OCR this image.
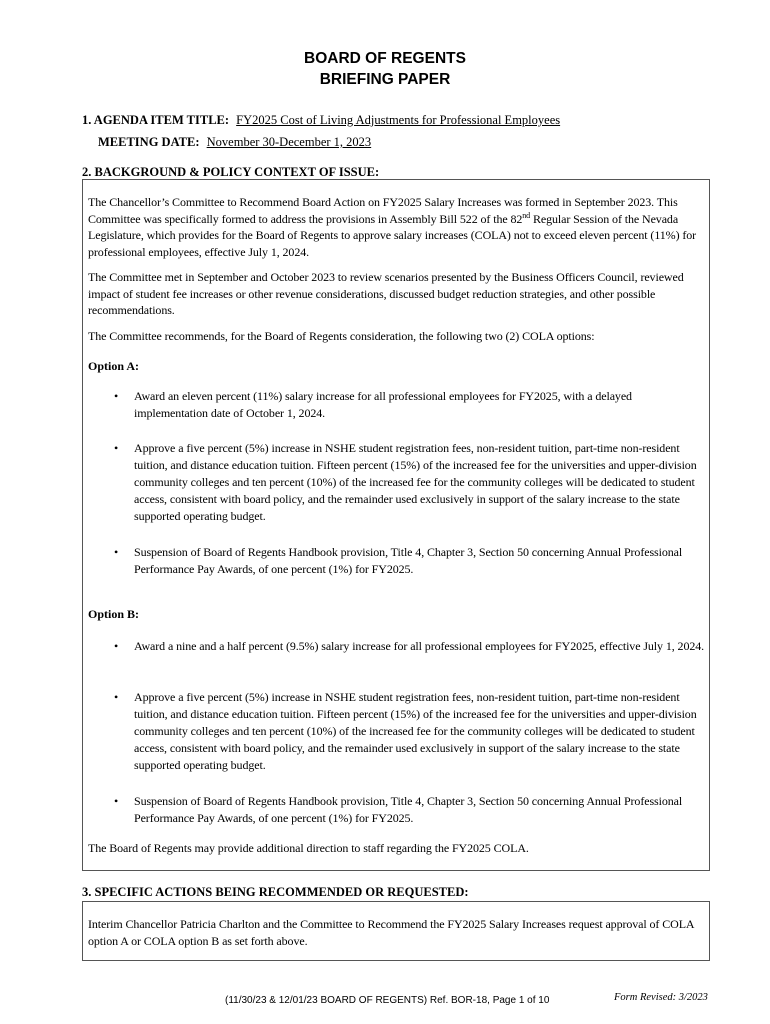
BOARD OF REGENTS
BRIEFING PAPER
1. AGENDA ITEM TITLE: FY2025 Cost of Living Adjustments for Professional Employees
MEETING DATE: November 30-December 1, 2023
2. BACKGROUND & POLICY CONTEXT OF ISSUE:
The Chancellor’s Committee to Recommend Board Action on FY2025 Salary Increases was formed in September 2023. This Committee was specifically formed to address the provisions in Assembly Bill 522 of the 82nd Regular Session of the Nevada Legislature, which provides for the Board of Regents to approve salary increases (COLA) not to exceed eleven percent (11%) for professional employees, effective July 1, 2024.
The Committee met in September and October 2023 to review scenarios presented by the Business Officers Council, reviewed impact of student fee increases or other revenue considerations, discussed budget reduction strategies, and other possible recommendations.
The Committee recommends, for the Board of Regents consideration, the following two (2) COLA options:
Option A:
• Award an eleven percent (11%) salary increase for all professional employees for FY2025, with a delayed implementation date of October 1, 2024.
• Approve a five percent (5%) increase in NSHE student registration fees, non-resident tuition, part-time non-resident tuition, and distance education tuition. Fifteen percent (15%) of the increased fee for the universities and upper-division community colleges and ten percent (10%) of the increased fee for the community colleges will be dedicated to student access, consistent with board policy, and the remainder used exclusively in support of the salary increase to the state supported operating budget.
• Suspension of Board of Regents Handbook provision, Title 4, Chapter 3, Section 50 concerning Annual Professional Performance Pay Awards, of one percent (1%) for FY2025.
Option B:
• Award a nine and a half percent (9.5%) salary increase for all professional employees for FY2025, effective July 1, 2024.
• Approve a five percent (5%) increase in NSHE student registration fees, non-resident tuition, part-time non-resident tuition, and distance education tuition. Fifteen percent (15%) of the increased fee for the universities and upper-division community colleges and ten percent (10%) of the increased fee for the community colleges will be dedicated to student access, consistent with board policy, and the remainder used exclusively in support of the salary increase to the state supported operating budget.
• Suspension of Board of Regents Handbook provision, Title 4, Chapter 3, Section 50 concerning Annual Professional Performance Pay Awards, of one percent (1%) for FY2025.
The Board of Regents may provide additional direction to staff regarding the FY2025 COLA.
3. SPECIFIC ACTIONS BEING RECOMMENDED OR REQUESTED:
Interim Chancellor Patricia Charlton and the Committee to Recommend the FY2025 Salary Increases request approval of COLA option A or COLA option B as set forth above.
(11/30/23 & 12/01/23 BOARD OF REGENTS) Ref. BOR-18, Page 1 of 10	Form Revised: 3/2023
